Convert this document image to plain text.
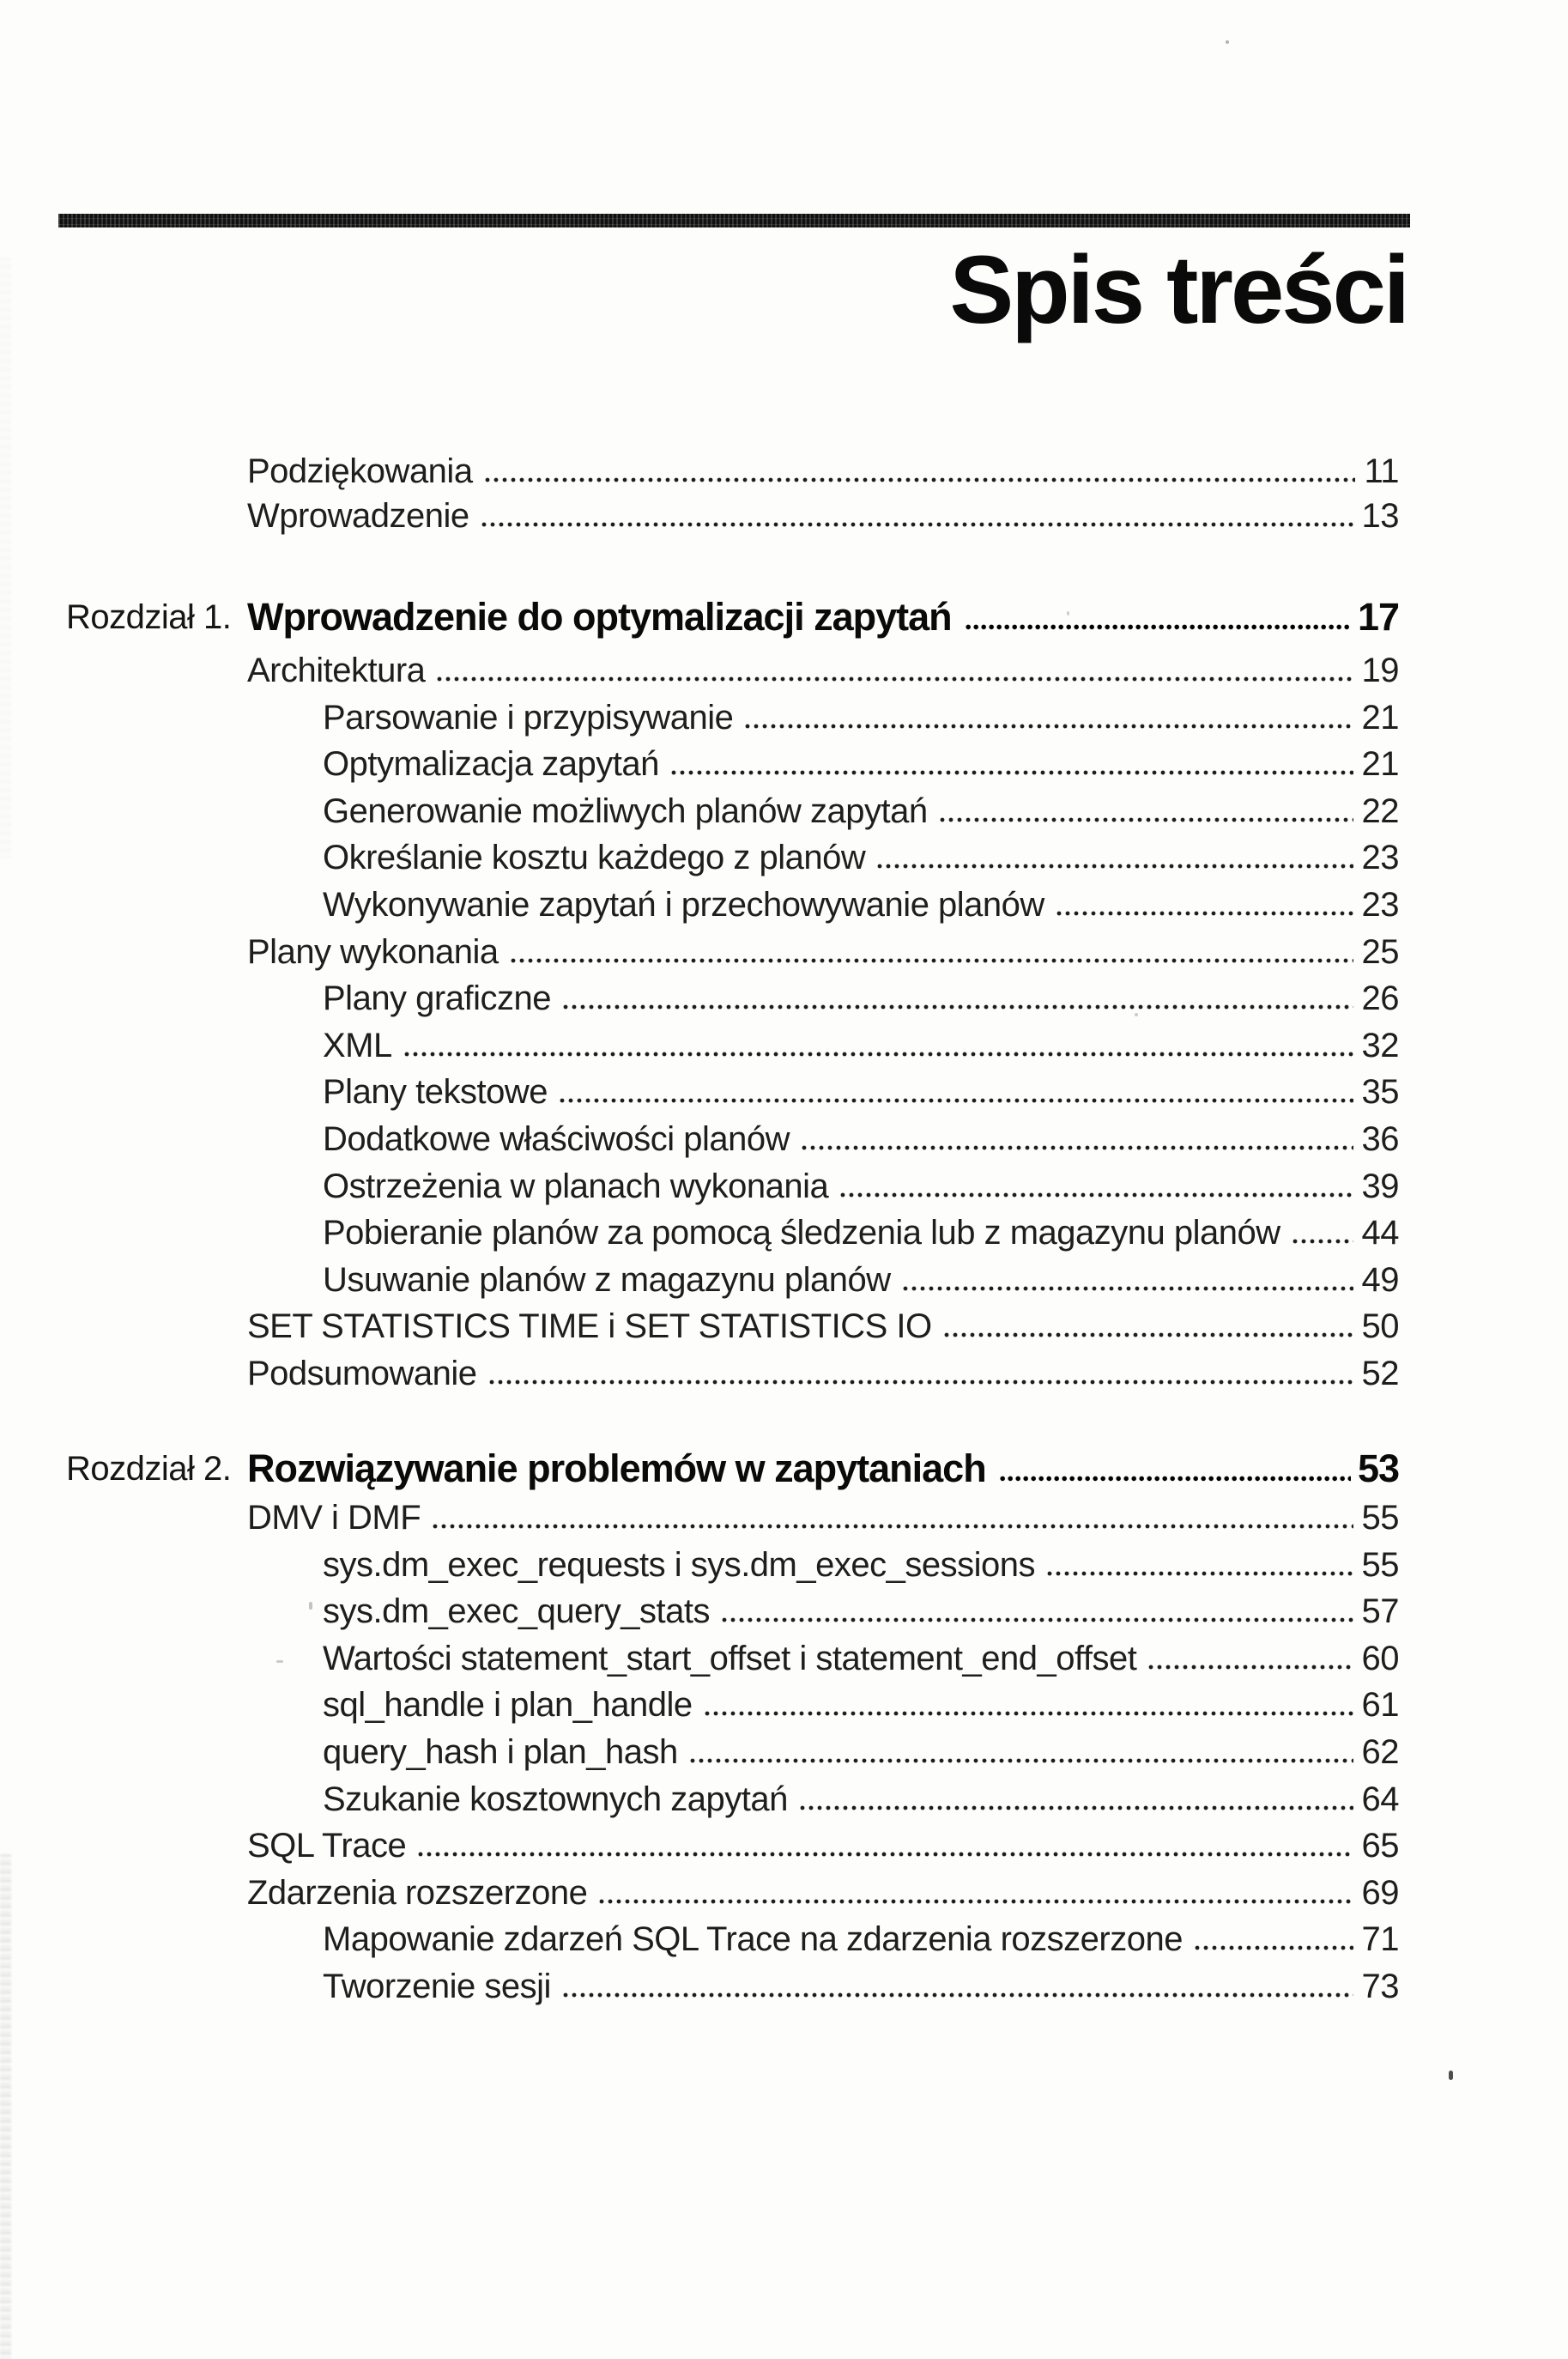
Spis treści
Podziękowania	11
Wprowadzenie	13
Rozdział 1. Wprowadzenie do optymalizacji zapytań	17
Architektura	19
Parsowanie i przypisywanie	21
Optymalizacja zapytań	21
Generowanie możliwych planów zapytań	22
Określanie kosztu każdego z planów	23
Wykonywanie zapytań i przechowywanie planów	23
Plany wykonania	25
Plany graficzne	26
XML	32
Plany tekstowe	35
Dodatkowe właściwości planów	36
Ostrzeżenia w planach wykonania	39
Pobieranie planów za pomocą śledzenia lub z magazynu planów 44
Usuwanie planów z magazynu planów	49
SET STATISTICS TIME i SET STATISTICS IO	50
Podsumowanie	52
Rozdział 2. Rozwiązywanie problemów w zapytaniach	53
DMV i DMF	55
sys.dm_exec_requests i sys.dm_exec_sessions	55
sys.dm_exec_query_stats	57
Wartości statement_start_offset i statement_end_offset	60
sql_handle i plan_handle	61
query_hash i plan_hash	62
Szukanie kosztownych zapytań	64
SQL Trace	65
Zdarzenia rozszerzone	69
Mapowanie zdarzeń SQL Trace na zdarzenia rozszerzone	71
Tworzenie sesji	73
